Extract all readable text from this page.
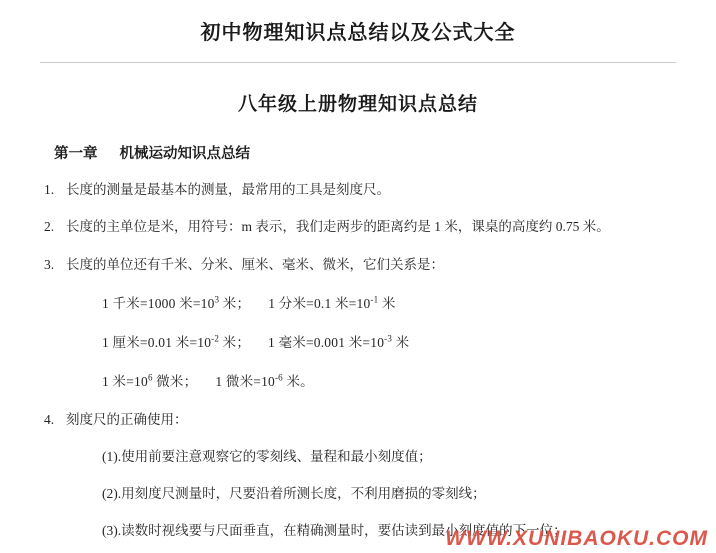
初中物理知识点总结以及公式大全
八年级上册物理知识点总结
第一章 机械运动知识点总结
1. 长度的测量是最基本的测量，最常用的工具是刻度尺。
2. 长度的主单位是米，用符号：m 表示，我们走两步的距离约是 1 米，课桌的高度约 0.75 米。
3. 长度的单位还有千米、分米、厘米、毫米、微米，它们关系是：
1 千米=1000 米$=10^3$ 米； 1 分米=0.1 米$=10^{-1}$ 米
1 厘米=0.01 米$=10^{-2}$ 米； 1 毫米=0.001 米$=10^{-3}$ 米
1 米$=10^6$ 微米； 1 微米$=10^{-6}$ 米。
4. 刻度尺的正确使用：
(1).使用前要注意观察它的零刻线、量程和最小刻度值；
(2).用刻度尺测量时，尺要沿着所测长度，不利用磨损的零刻线；
(3).读数时视线要与尺面垂直，在精确测量时，要估读到最小刻度值的下一位；
WWW.XUNIBAOKU.COM
